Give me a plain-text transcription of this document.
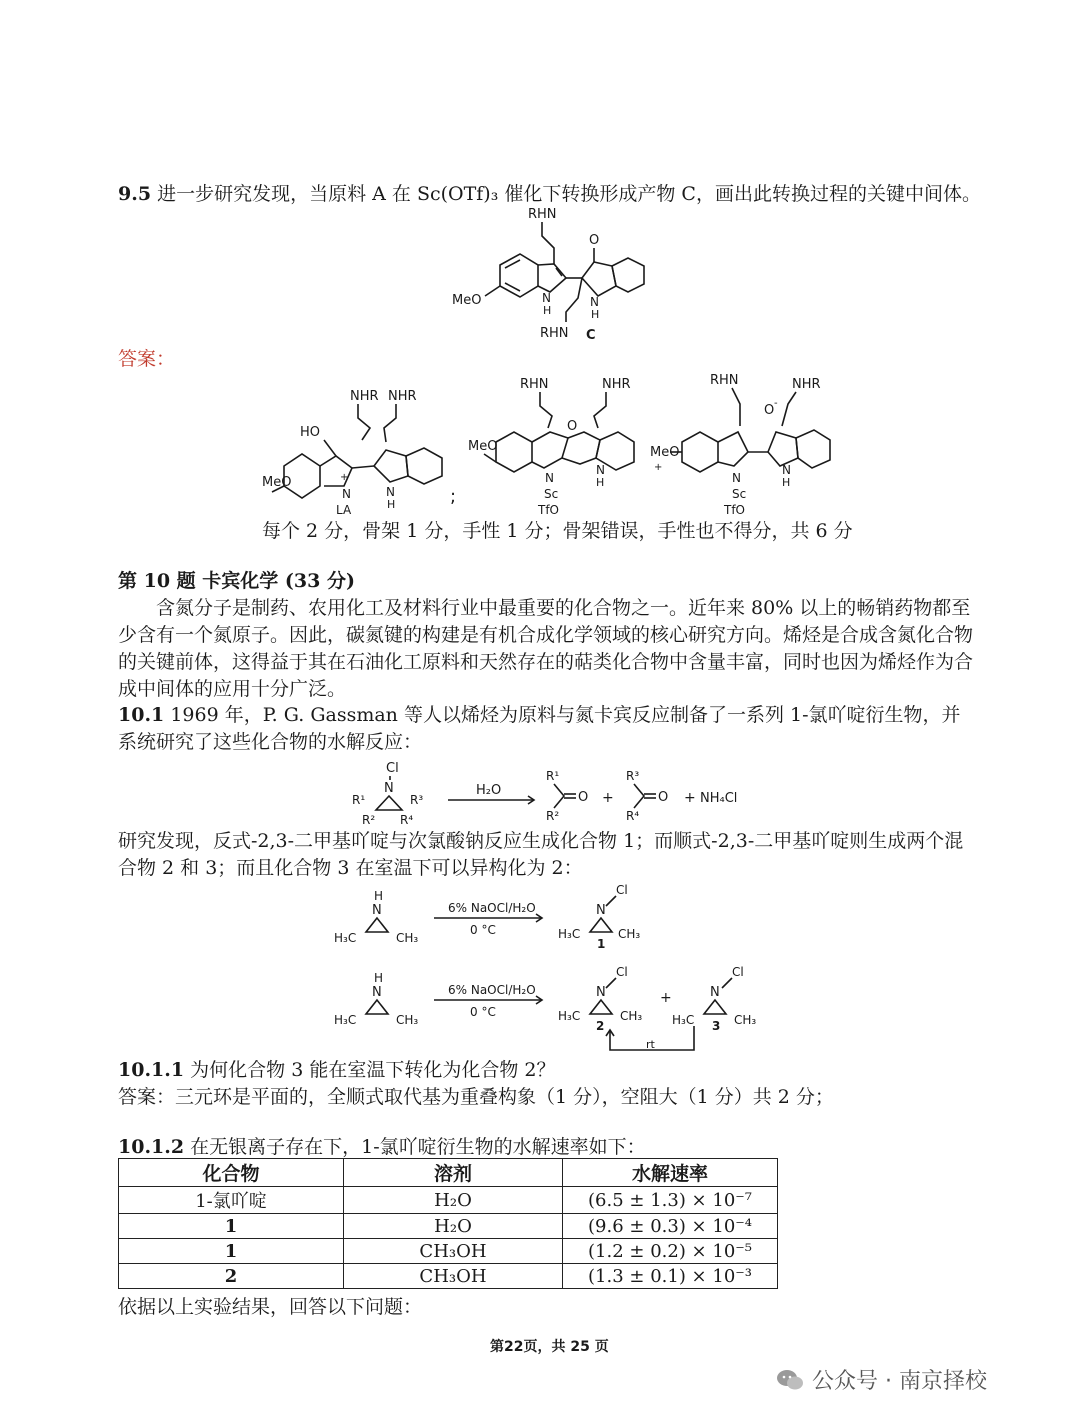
9.5 进一步研究发现，当原料 A 在 Sc(OTf)₃ 催化下转换形成产物 C，画出此转换过程的关键中间体。
RHN
MeO	N
H
O
N
H
RHN C
答案：
NHR NHR
HO
MeO
N
+
LA
N
H	;
RHN	NHR
O
MeO
N
Sc
TfO
N
H
RHN	NHR
O -
MeO
+
N
Sc
TfO
N
H
每个 2 分，骨架 1 分，手性 1 分；骨架错误，手性也不得分，共 6 分
第 10 题 卡宾化学 (33 分)
含氮分子是制药、农用化工及材料行业中最重要的化合物之一。近年来 80% 以上的畅销药物都至少含有一个氮原子。因此，碳氮键的构建是有机合成化学领域的核心研究方向。烯烃是合成含氮化合物的关键前体，这得益于其在石油化工原料和天然存在的萜类化合物中含量丰富，同时也因为烯烃作为合成中间体的应用十分广泛。
10.1 1969 年，P. G. Gassman 等人以烯烃为原料与氮卡宾反应制备了一系列 1-氯吖啶衍生物，并系统研究了这些化合物的水解反应：
Cl
N
R¹
R²
R³
R⁴
H₂O
R¹
O
R²
+
R³
O
R⁴
+ NH₄Cl
研究发现，反式-2,3-二甲基吖啶与次氯酸钠反应生成化合物 1；而顺式-2,3-二甲基吖啶则生成两个混合物 2 和 3；而且化合物 3 在室温下可以异构化为 2：
H
N
H₃C	CH₃
6% NaOCl/H₂O
0 °C
Cl
N
H₃C	CH₃
1
H
N
H₃C	CH₃
6% NaOCl/H₂O
0 °C
Cl
N
H₃C	CH₃
2
+
Cl
N
H₃C	CH₃
3
rt
10.1.1 为何化合物 3 能在室温下转化为化合物 2？
答案：三元环是平面的，全顺式取代基为重叠构象（1 分），空阻大（1 分）共 2 分；
10.1.2 在无银离子存在下，1-氯吖啶衍生物的水解速率如下：
化合物	溶剂	水解速率
1-氯吖啶	H₂O	(6.5 ± 1.3) × 10⁻⁷
1	H₂O	(9.6 ± 0.3) × 10⁻⁴
1	CH₃OH	(1.2 ± 0.2) × 10⁻⁵
2	CH₃OH	(1.3 ± 0.1) × 10⁻³
依据以上实验结果，回答以下问题：
第22页，共 25 页
公众号 · 南京择校
